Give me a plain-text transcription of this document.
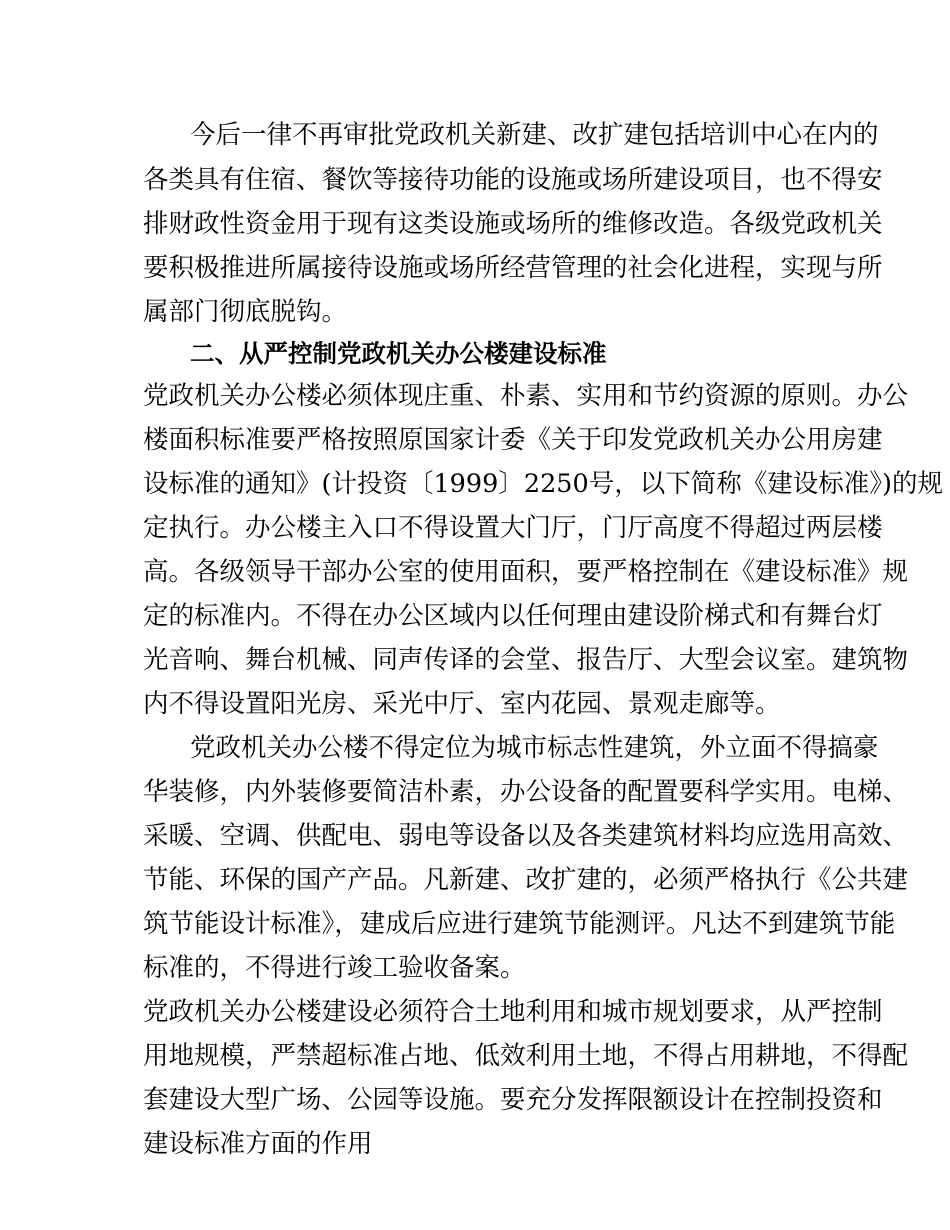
今后一律不再审批党政机关新建、改扩建包括培训中心在内的
各类具有住宿、餐饮等接待功能的设施或场所建设项目，也不得安
排财政性资金用于现有这类设施或场所的维修改造。各级党政机关
要积极推进所属接待设施或场所经营管理的社会化进程，实现与所
属部门彻底脱钩。
二、从严控制党政机关办公楼建设标准
党政机关办公楼必须体现庄重、朴素、实用和节约资源的原则。办公
楼面积标准要严格按照原国家计委《关于印发党政机关办公用房建
设标准的通知》(计投资〔1999〕2250号，以下简称《建设标准》)的规
定执行。办公楼主入口不得设置大门厅，门厅高度不得超过两层楼
高。各级领导干部办公室的使用面积，要严格控制在《建设标准》规
定的标准内。不得在办公区域内以任何理由建设阶梯式和有舞台灯
光音响、舞台机械、同声传译的会堂、报告厅、大型会议室。建筑物
内不得设置阳光房、采光中厅、室内花园、景观走廊等。
党政机关办公楼不得定位为城市标志性建筑，外立面不得搞豪
华装修，内外装修要简洁朴素，办公设备的配置要科学实用。电梯、
采暖、空调、供配电、弱电等设备以及各类建筑材料均应选用高效、
节能、环保的国产产品。凡新建、改扩建的，必须严格执行《公共建
筑节能设计标准》，建成后应进行建筑节能测评。凡达不到建筑节能
标准的，不得进行竣工验收备案。
党政机关办公楼建设必须符合土地利用和城市规划要求，从严控制
用地规模，严禁超标准占地、低效利用土地，不得占用耕地，不得配
套建设大型广场、公园等设施。要充分发挥限额设计在控制投资和
建设标准方面的作用
